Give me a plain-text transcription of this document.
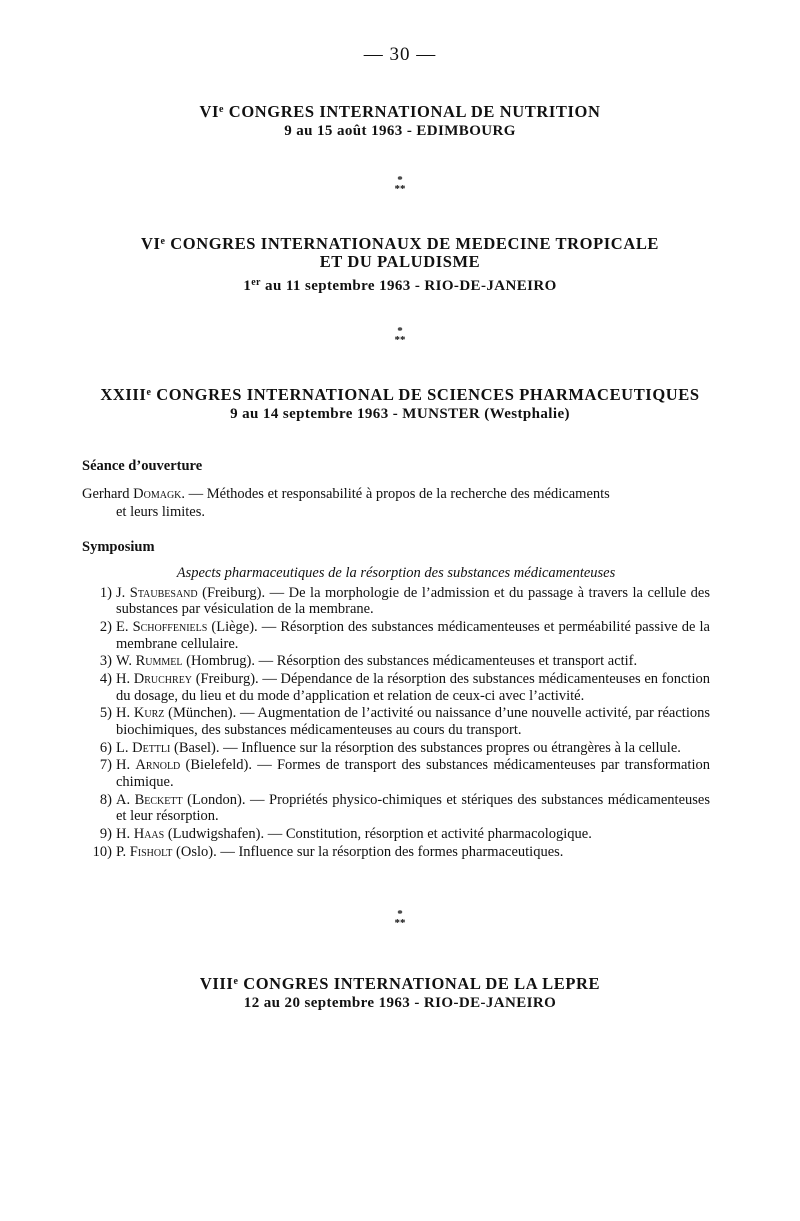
— 30 —
VIe CONGRES INTERNATIONAL DE NUTRITION
9 au 15 août 1963 - EDIMBOURG
*
**
VIe CONGRES INTERNATIONAUX DE MEDECINE TROPICALE
ET DU PALUDISME
1er au 11 septembre 1963 - RIO-DE-JANEIRO
*
**
XXIIIe CONGRES INTERNATIONAL DE SCIENCES PHARMACEUTIQUES
9 au 14 septembre 1963 - MUNSTER (Westphalie)
Séance d’ouverture
Gerhard Domagk. — Méthodes et responsabilité à propos de la recherche des médicaments
et leurs limites.
Symposium
Aspects pharmaceutiques de la résorption des substances médicamenteuses
1) J. Staubesand (Freiburg). — De la morphologie de l’admission et du passage à travers la cellule des substances par vésiculation de la membrane.
2) E. Schoffeniels (Liège). — Résorption des substances médicamenteuses et perméabilité passive de la membrane cellulaire.
3) W. Rummel (Hombrug). — Résorption des substances médicamenteuses et transport actif.
4) H. Druchrey (Freiburg). — Dépendance de la résorption des substances médicamenteuses en fonction du dosage, du lieu et du mode d’application et relation de ceux-ci avec l’activité.
5) H. Kurz (München). — Augmentation de l’activité ou naissance d’une nouvelle activité, par réactions biochimiques, des substances médicamenteuses au cours du transport.
6) L. Dettli (Basel). — Influence sur la résorption des substances propres ou étrangères à la cellule.
7) H. Arnold (Bielefeld). — Formes de transport des substances médicamenteuses par transformation chimique.
8) A. Beckett (London). — Propriétés physico-chimiques et stériques des substances médicamenteuses et leur résorption.
9) H. Haas (Ludwigshafen). — Constitution, résorption et activité pharmacologique.
10) P. Fisholt (Oslo). — Influence sur la résorption des formes pharmaceutiques.
*
**
VIIIe CONGRES INTERNATIONAL DE LA LEPRE
12 au 20 septembre 1963 - RIO-DE-JANEIRO
